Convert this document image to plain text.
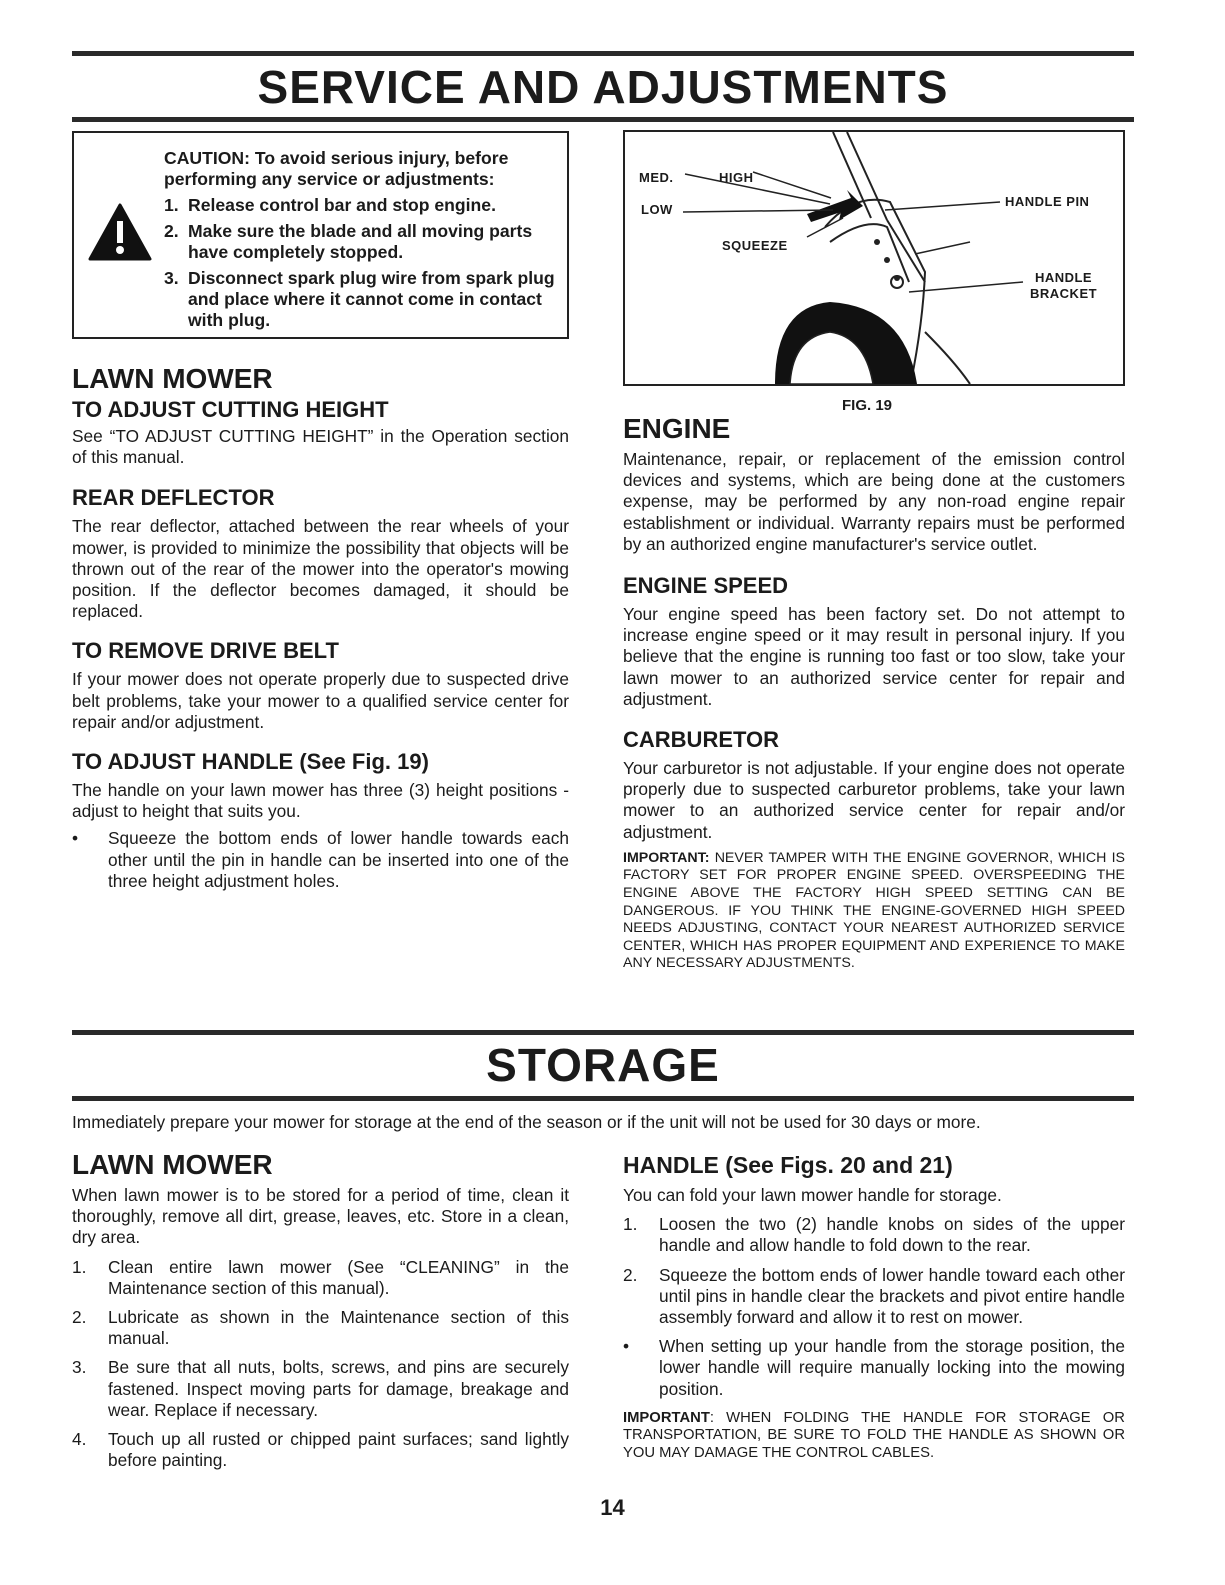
SERVICE AND ADJUSTMENTS
CAUTION: To avoid serious injury, before performing any service or adjustments:
1. Release control bar and stop engine.
2. Make sure the blade and all moving parts have completely stopped.
3. Disconnect spark plug wire from spark plug and place where it cannot come in contact with plug.
MED.	HIGH
LOW
SQUEEZE
HANDLE PIN
HANDLE
BRACKET
FIG. 19
LAWN MOWER
TO ADJUST CUTTING HEIGHT

See “TO ADJUST CUTTING HEIGHT” in the Operation section of this manual.

REAR DEFLECTOR

The rear deflector, attached between the rear wheels of your mower, is provided to minimize the possibility that objects will be thrown out of the rear of the mower into the operator's mowing position. If the deflector becomes damaged, it should be replaced.

TO REMOVE DRIVE BELT

If your mower does not operate properly due to suspected drive belt problems, take your mower to a qualified service center for repair and/or adjustment.

TO ADJUST HANDLE (See Fig. 19)

The handle on your lawn mower has three (3) height positions - adjust to height that suits you.

•	Squeeze the bottom ends of lower handle towards each other until the pin in handle can be inserted into one of the three height adjustment holes.
ENGINE

Maintenance, repair, or replacement of the emission control devices and systems, which are being done at the customers expense, may be performed by any non-road engine repair establishment or individual. Warranty repairs must be performed by an authorized engine manufacturer's service outlet.

ENGINE SPEED

Your engine speed has been factory set. Do not attempt to increase engine speed or it may result in personal injury. If you believe that the engine is running too fast or too slow, take your lawn mower to an authorized service center for repair and adjustment.

CARBURETOR

Your carburetor is not adjustable. If your engine does not operate properly due to suspected carburetor problems, take your lawn mower to an authorized service center for repair and/or adjustment.

IMPORTANT: NEVER TAMPER WITH THE ENGINE GOVERNOR, WHICH IS FACTORY SET FOR PROPER ENGINE SPEED. OVERSPEEDING THE ENGINE ABOVE THE FACTORY HIGH SPEED SETTING CAN BE DANGEROUS. IF YOU THINK THE ENGINE-GOVERNED HIGH SPEED NEEDS ADJUSTING, CONTACT YOUR NEAREST AUTHORIZED SERVICE CENTER, WHICH HAS PROPER EQUIPMENT AND EXPERIENCE TO MAKE ANY NECESSARY ADJUSTMENTS.

STORAGE

Immediately prepare your mower for storage at the end of the season or if the unit will not be used for 30 days or more.

LAWN MOWER

When lawn mower is to be stored for a period of time, clean it thoroughly, remove all dirt, grease, leaves, etc. Store in a clean, dry area.

1.	Clean entire lawn mower (See “CLEANING” in the Maintenance section of this manual).
2.	Lubricate as shown in the Maintenance section of this manual.
3.	Be sure that all nuts, bolts, screws, and pins are securely fastened. Inspect moving parts for damage, breakage and wear. Replace if necessary.
4.	Touch up all rusted or chipped paint surfaces; sand lightly before painting.
HANDLE (See Figs. 20 and 21)

You can fold your lawn mower handle for storage.

1.	Loosen the two (2) handle knobs on sides of the upper handle and allow handle to fold down to the rear.
2.	Squeeze the bottom ends of lower handle toward each other until pins in handle clear the brackets and pivot entire handle assembly forward and allow it to rest on mower.
•	When setting up your handle from the storage position, the lower handle will require manually locking into the mowing position.

IMPORTANT: WHEN FOLDING THE HANDLE FOR STORAGE OR TRANSPORTATION, BE SURE TO FOLD THE HANDLE AS SHOWN OR YOU MAY DAMAGE THE CONTROL CABLES.

14
